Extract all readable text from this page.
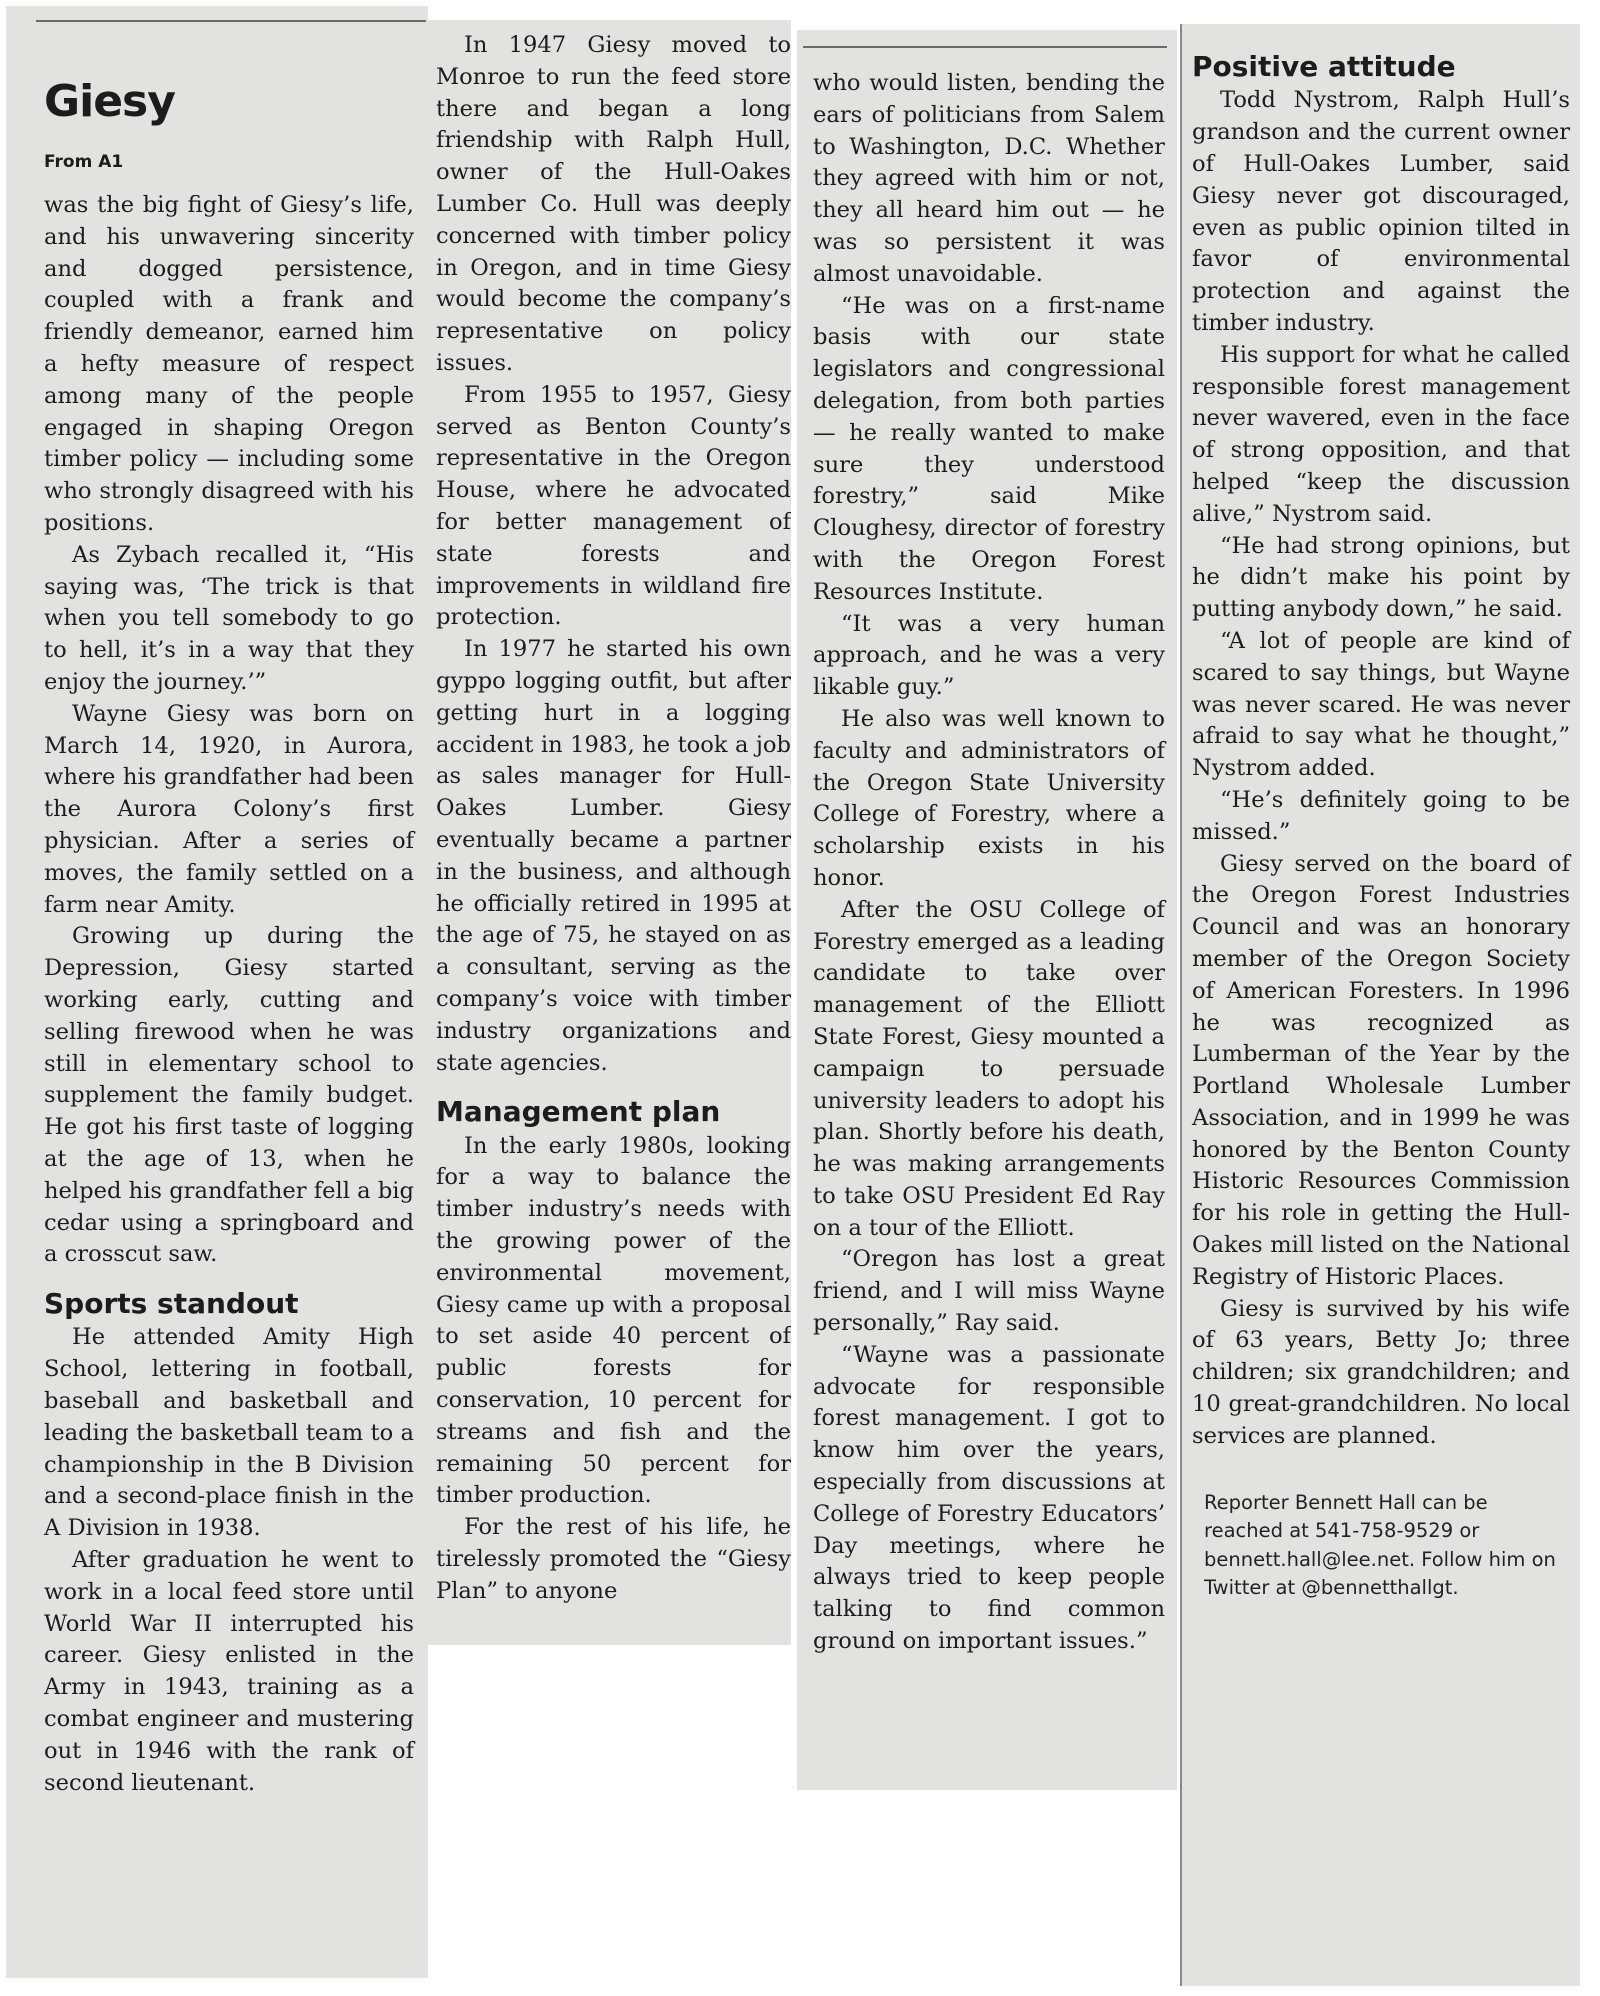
Giesy
From A1

was the big fight of Giesy’s life, and his unwavering sincerity and dogged persistence, coupled with a frank and friendly demeanor, earned him a hefty measure of respect among many of the people engaged in shaping Oregon timber policy — including some who strongly disagreed with his positions.

As Zybach recalled it, “His saying was, ‘The trick is that when you tell somebody to go to hell, it’s in a way that they enjoy the journey.’”

Wayne Giesy was born on March 14, 1920, in Aurora, where his grandfather had been the Aurora Colony’s first physician. After a series of moves, the family settled on a farm near Amity.

Growing up during the Depression, Giesy started working early, cutting and selling firewood when he was still in elementary school to supplement the family budget. He got his first taste of logging at the age of 13, when he helped his grandfather fell a big cedar using a springboard and a crosscut saw.

Sports standout

He attended Amity High School, lettering in football, baseball and basketball and leading the basketball team to a championship in the B Division and a second-place finish in the A Division in 1938.

After graduation he went to work in a local feed store until World War II interrupted his career. Giesy enlisted in the Army in 1943, training as a combat engineer and mustering out in 1946 with the rank of second lieutenant.

In 1947 Giesy moved to Monroe to run the feed store there and began a long friendship with Ralph Hull, owner of the Hull-Oakes Lumber Co. Hull was deeply concerned with timber policy in Oregon, and in time Giesy would become the company’s representative on policy issues.

From 1955 to 1957, Giesy served as Benton County’s representative in the Oregon House, where he advocated for better management of state forests and improvements in wildland fire protection.

In 1977 he started his own gyppo logging outfit, but after getting hurt in a logging accident in 1983, he took a job as sales manager for Hull-Oakes Lumber. Giesy eventually became a partner in the business, and although he officially retired in 1995 at the age of 75, he stayed on as a consultant, serving as the company’s voice with timber industry organizations and state agencies.

Management plan

In the early 1980s, looking for a way to balance the timber industry’s needs with the growing power of the environmental movement, Giesy came up with a proposal to set aside 40 percent of public forests for conservation, 10 percent for streams and fish and the remaining 50 percent for timber production.

For the rest of his life, he tirelessly promoted the “Giesy Plan” to anyone

who would listen, bending the ears of politicians from Salem to Washington, D.C. Whether they agreed with him or not, they all heard him out — he was so persistent it was almost unavoidable.

“He was on a first-name basis with our state legislators and congressional delegation, from both parties — he really wanted to make sure they understood forestry,” said Mike Cloughesy, director of forestry with the Oregon Forest Resources Institute.

“It was a very human approach, and he was a very likable guy.”

He also was well known to faculty and administrators of the Oregon State University College of Forestry, where a scholarship exists in his honor.

After the OSU College of Forestry emerged as a leading candidate to take over management of the Elliott State Forest, Giesy mounted a campaign to persuade university leaders to adopt his plan. Shortly before his death, he was making arrangements to take OSU President Ed Ray on a tour of the Elliott.

“Oregon has lost a great friend, and I will miss Wayne personally,” Ray said.

“Wayne was a passionate advocate for responsible forest management. I got to know him over the years, especially from discussions at College of Forestry Educators’ Day meetings, where he always tried to keep people talking to find common ground on important issues.”

Positive attitude

Todd Nystrom, Ralph Hull’s grandson and the current owner of Hull-Oakes Lumber, said Giesy never got discouraged, even as public opinion tilted in favor of environmental protection and against the timber industry.

His support for what he called responsible forest management never wavered, even in the face of strong opposition, and that helped “keep the discussion alive,” Nystrom said.

“He had strong opinions, but he didn’t make his point by putting anybody down,” he said.

“A lot of people are kind of scared to say things, but Wayne was never scared. He was never afraid to say what he thought,” Nystrom added.

“He’s definitely going to be missed.”

Giesy served on the board of the Oregon Forest Industries Council and was an honorary member of the Oregon Society of American Foresters. In 1996 he was recognized as Lumberman of the Year by the Portland Wholesale Lumber Association, and in 1999 he was honored by the Benton County Historic Resources Commission for his role in getting the Hull-Oakes mill listed on the National Registry of Historic Places.

Giesy is survived by his wife of 63 years, Betty Jo; three children; six grandchildren; and 10 great-grandchildren. No local services are planned.

Reporter Bennett Hall can be reached at 541-758-9529 or bennett.hall@lee.net. Follow him on Twitter at @bennetthallgt.
